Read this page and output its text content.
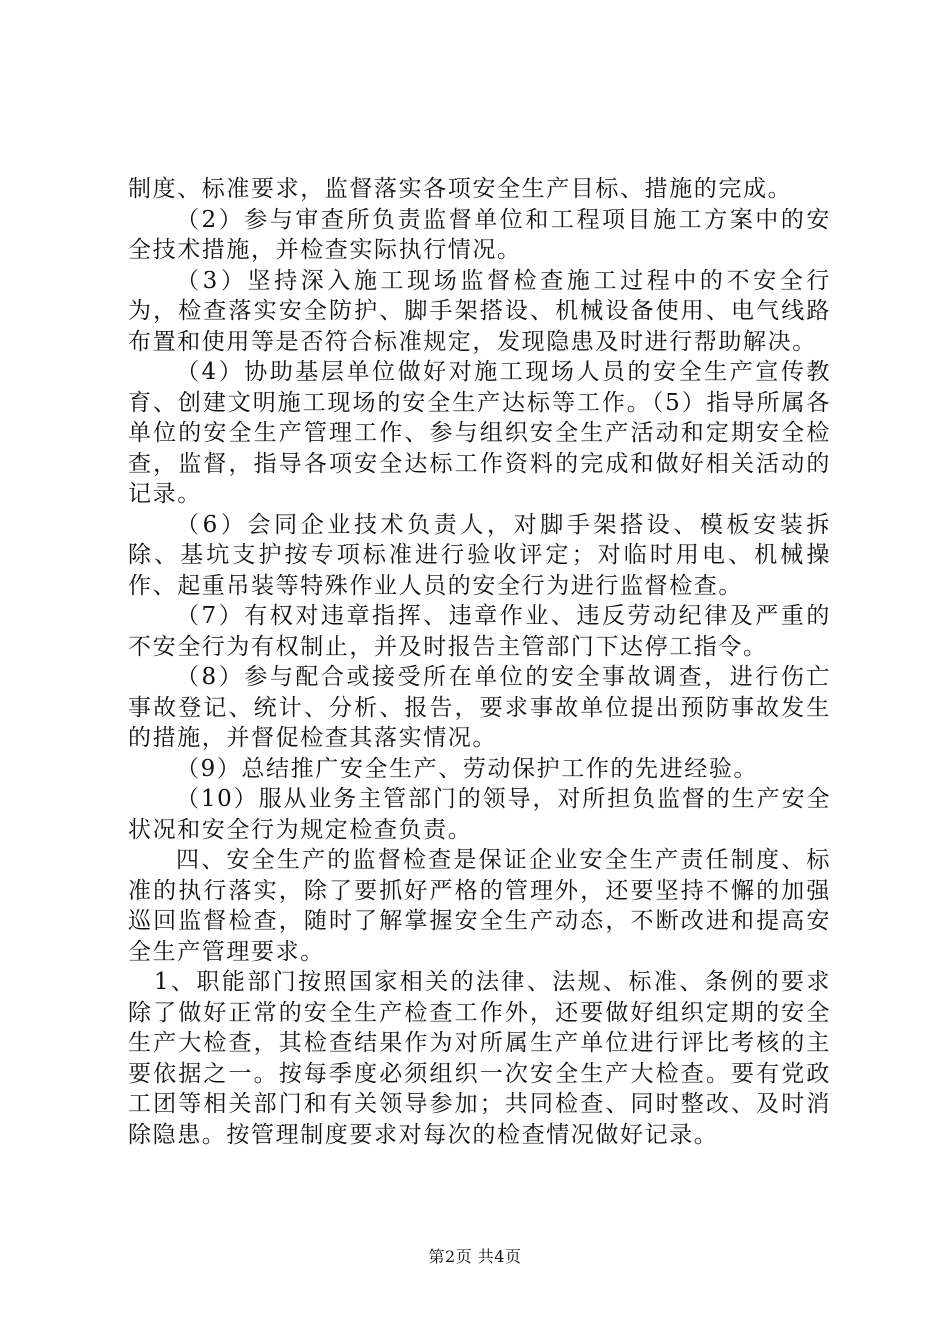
制度、标准要求，监督落实各项安全生产目标、措施的完成。

（2）参与审查所负责监督单位和工程项目施工方案中的安全技术措施，并检查实际执行情况。

（3）坚持深入施工现场监督检查施工过程中的不安全行为，检查落实安全防护、脚手架搭设、机械设备使用、电气线路布置和使用等是否符合标准规定，发现隐患及时进行帮助解决。

（4）协助基层单位做好对施工现场人员的安全生产宣传教育、创建文明施工现场的安全生产达标等工作。（5）指导所属各单位的安全生产管理工作、参与组织安全生产活动和定期安全检查，监督，指导各项安全达标工作资料的完成和做好相关活动的记录。

（6）会同企业技术负责人，对脚手架搭设、模板安装拆除、基坑支护按专项标准进行验收评定；对临时用电、机械操作、起重吊装等特殊作业人员的安全行为进行监督检查。

（7）有权对违章指挥、违章作业、违反劳动纪律及严重的不安全行为有权制止，并及时报告主管部门下达停工指令。

（8）参与配合或接受所在单位的安全事故调查，进行伤亡事故登记、统计、分析、报告，要求事故单位提出预防事故发生的措施，并督促检查其落实情况。

（9）总结推广安全生产、劳动保护工作的先进经验。

（10）服从业务主管部门的领导，对所担负监督的生产安全状况和安全行为规定检查负责。

四、安全生产的监督检查是保证企业安全生产责任制度、标准的执行落实，除了要抓好严格的管理外，还要坚持不懈的加强巡回监督检查，随时了解掌握安全生产动态，不断改进和提高安全生产管理要求。

1、职能部门按照国家相关的法律、法规、标准、条例的要求除了做好正常的安全生产检查工作外，还要做好组织定期的安全生产大检查，其检查结果作为对所属生产单位进行评比考核的主要依据之一。按每季度必须组织一次安全生产大检查。要有党政工团等相关部门和有关领导参加；共同检查、同时整改、及时消除隐患。按管理制度要求对每次的检查情况做好记录。

第2页 共4页
